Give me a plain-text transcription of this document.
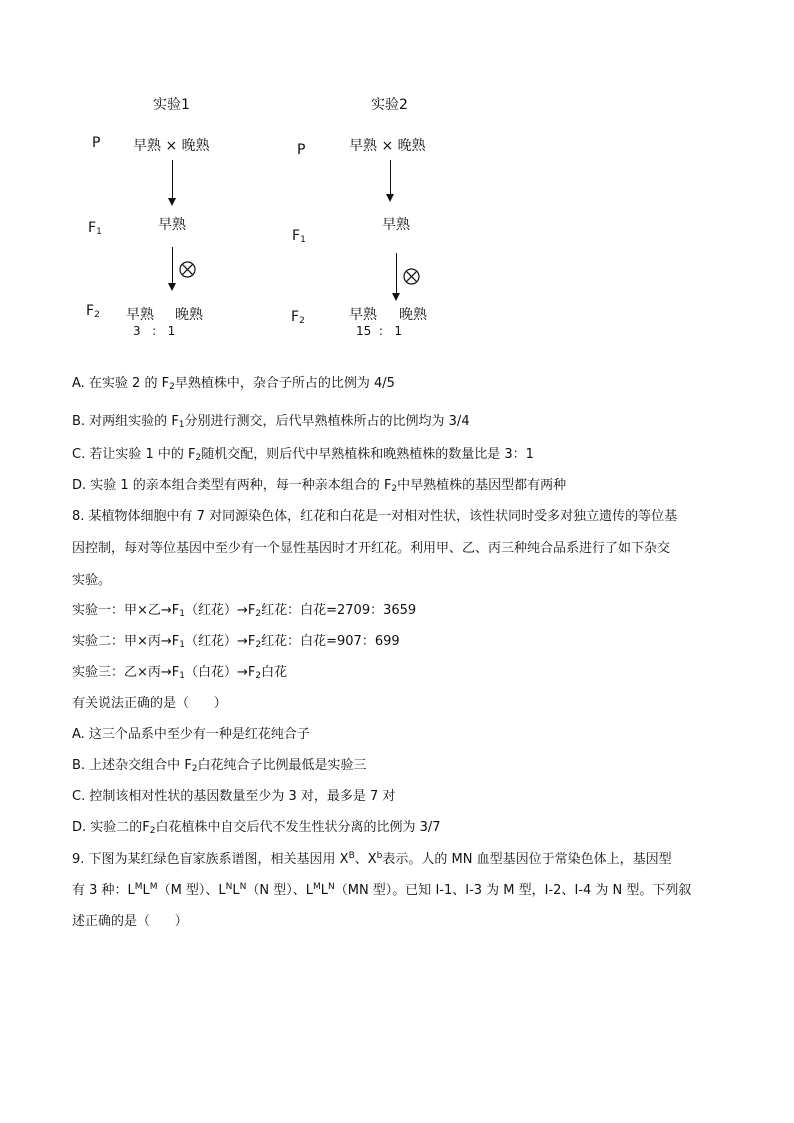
实验1
P 早熟 × 晚熟
$F_1$	早熟
$F_2$ 早熟 晚熟
3   :   1
实验2
P	早熟 × 晚熟
$F_1$
早熟
$F_2$	早熟 晚熟
15  :   1
A. 在实验 2 的 $F_2$早熟植株中，杂合子所占的比例为 4/5
B. 对两组实验的 $F_1$分别进行测交，后代早熟植株所占的比例均为 3/4
C. 若让实验 1 中的 $F_2$随机交配，则后代中早熟植株和晚熟植株的数量比是 3：1
D. 实验 1 的亲本组合类型有两种，每一种亲本组合的 $F_2$中早熟植株的基因型都有两种
8. 某植物体细胞中有 7 对同源染色体，红花和白花是一对相对性状，该性状同时受多对独立遗传的等位基
因控制，每对等位基因中至少有一个显性基因时才开红花。利用甲、乙、丙三种纯合品系进行了如下杂交
实验。
实验一：甲×乙$\to F_1$（红花）$\to F_2$红花：白花=2709：3659
实验二：甲×丙$\to F_1$（红花）$\to F_2$红花：白花=907：699
实验三：乙×丙$\to F_1$（白花）$\to F_2$白花
有关说法正确的是（      ）
A. 这三个品系中至少有一种是红花纯合子
B. 上述杂交组合中 $F_2$白花纯合子比例最低是实验三
C. 控制该相对性状的基因数量至少为 3 对，最多是 7 对
D. 实验二的$F_2$白花植株中自交后代不发生性状分离的比例为 3/7
9. 下图为某红绿色盲家族系谱图，相关基因用 $X^B$、$X^b$表示。人的 MN 血型基因位于常染色体上，基因型
有 3 种：$L^ML^M(M$ 型）、$L^NL^N(N$ 型）、$L^ML^N(MN$ 型）。已知 I-1、I-3 为 M 型，I-2、I-4 为 N 型。下列叙
述正确的是（      ）
